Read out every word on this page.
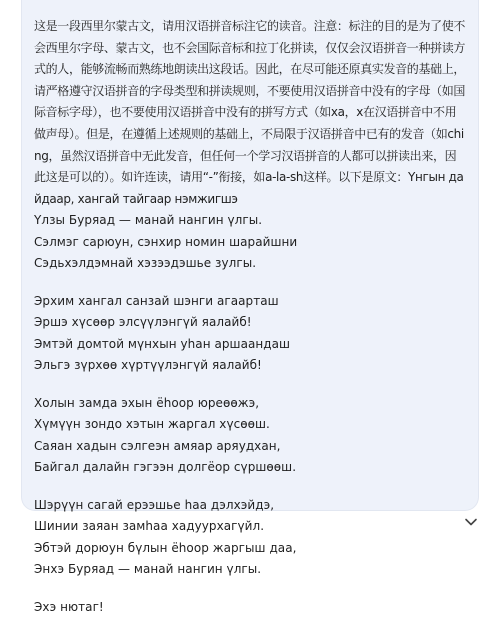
这是一段西里尔蒙古文，请用汉语拼音标注它的读音。注意：标注的目的是为了使不会西里尔字母、蒙古文，也不会国际音标和拉丁化拼读，仅仅会汉语拼音一种拼读方式的人，能够流畅而熟练地朗读出这段话。因此，在尽可能还原真实发音的基础上，请严格遵守汉语拼音的字母类型和拼读规则，不要使用汉语拼音中没有的字母（如国际音标字母），也不要使用汉语拼音中没有的拼写方式（如xa，x在汉语拼音中不用做声母）。但是，在遵循上述规则的基础上，不局限于汉语拼音中已有的发音（如ching，虽然汉语拼音中无此发音，但任何一个学习汉语拼音的人都可以拼读出来，因此这是可以的）。如许连读，请用“-”衔接，如a-la-sh这样。以下是原文：Үнгын дайдаар, хангай тайгаар нэмжигшэ

Үлзы Буряад — манай нангин үлгы.
Сэлмэг сарюун, сэнхир номин шарайшни
Сэдьхэлдэмнай хэзээдэшье зулгы.
Эрхим хангал санзай шэнги агаарташ
Эршэ хүсөөр элсүүлэнгүй яалайб!
Эмтэй домтой мүнхын уһан аршаандаш
Эльгэ зүрхөө хүртүүлэнгүй яалайб!
Холын замда эхын ёһоор юреөөжэ,
Хүмүүн зондо хэтын жаргал хүсөөш.
Саяан хадын сэлгеэн амяар аряудхан,
Байгал далайн гэгээн долгёор сүршөөш.
Шэрүүн сагай ерээшье һаа дэлхэйдэ,
Шинии заяан замһаа хадуурхагүйл.
Эбтэй дорюун бүлын ёһоор жаргыш даа,
Энхэ Буряад — манай нангин үлгы.
Эхэ нютаг!
